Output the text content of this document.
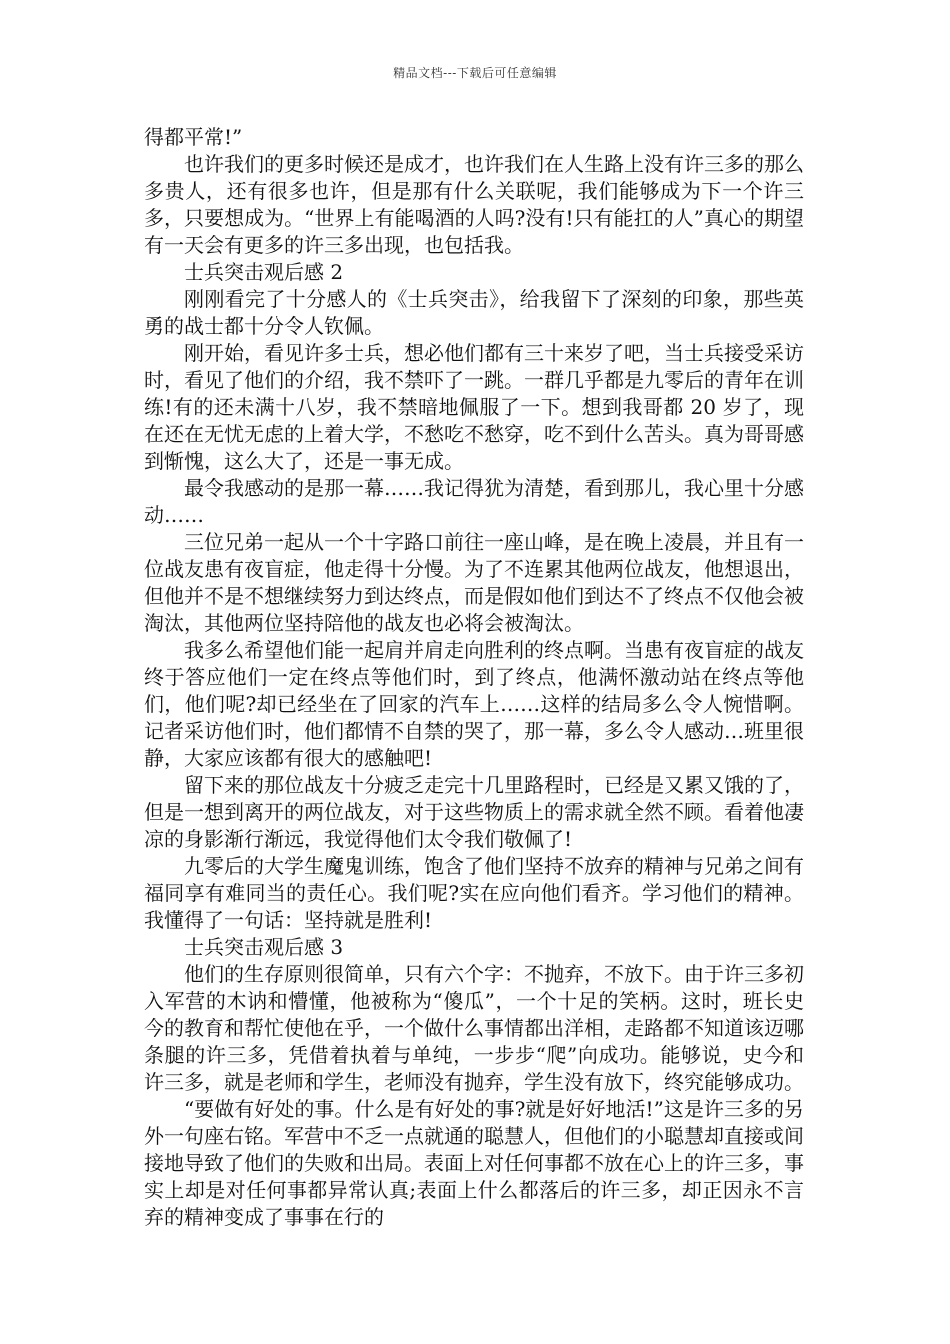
精品文档---下载后可任意编辑

得都平常!”

也许我们的更多时候还是成才，也许我们在人生路上没有许三多的那么多贵人，还有很多也许，但是那有什么关联呢，我们能够成为下一个许三多，只要想成为。“世界上有能喝酒的人吗?没有!只有能扛的人”真心的期望有一天会有更多的许三多出现，也包括我。

士兵突击观后感 2

刚刚看完了十分感人的《士兵突击》，给我留下了深刻的印象，那些英勇的战士都十分令人钦佩。

刚开始，看见许多士兵，想必他们都有三十来岁了吧，当士兵接受采访时，看见了他们的介绍，我不禁吓了一跳。一群几乎都是九零后的青年在训练!有的还未满十八岁，我不禁暗地佩服了一下。想到我哥都 20 岁了，现在还在无忧无虑的上着大学，不愁吃不愁穿，吃不到什么苦头。真为哥哥感到惭愧，这么大了，还是一事无成。

最令我感动的是那一幕……我记得犹为清楚，看到那儿，我心里十分感动……

三位兄弟一起从一个十字路口前往一座山峰，是在晚上凌晨，并且有一位战友患有夜盲症，他走得十分慢。为了不连累其他两位战友，他想退出，但他并不是不想继续努力到达终点，而是假如他们到达不了终点不仅他会被淘汰，其他两位坚持陪他的战友也必将会被淘汰。

我多么希望他们能一起肩并肩走向胜利的终点啊。当患有夜盲症的战友终于答应他们一定在终点等他们时，到了终点，他满怀激动站在终点等他们，他们呢?却已经坐在了回家的汽车上……这样的结局多么令人惋惜啊。记者采访他们时，他们都情不自禁的哭了，那一幕，多么令人感动…班里很静，大家应该都有很大的感触吧!

留下来的那位战友十分疲乏走完十几里路程时，已经是又累又饿的了，但是一想到离开的两位战友，对于这些物质上的需求就全然不顾。看着他凄凉的身影渐行渐远，我觉得他们太令我们敬佩了!

九零后的大学生魔鬼训练，饱含了他们坚持不放弃的精神与兄弟之间有福同享有难同当的责任心。我们呢?实在应向他们看齐。学习他们的精神。我懂得了一句话：坚持就是胜利!

士兵突击观后感 3

他们的生存原则很简单，只有六个字：不抛弃，不放下。由于许三多初入军营的木讷和懵懂，他被称为“傻瓜”，一个十足的笑柄。这时，班长史今的教育和帮忙使他在乎，一个做什么事情都出洋相，走路都不知道该迈哪条腿的许三多，凭借着执着与单纯，一步步“爬”向成功。能够说，史今和许三多，就是老师和学生，老师没有抛弃，学生没有放下，终究能够成功。

“要做有好处的事。什么是有好处的事?就是好好地活!”这是许三多的另外一句座右铭。军营中不乏一点就通的聪慧人，但他们的小聪慧却直接或间接地导致了他们的失败和出局。表面上对任何事都不放在心上的许三多，事实上却是对任何事都异常认真;表面上什么都落后的许三多，却正因永不言弃的精神变成了事事在行的
